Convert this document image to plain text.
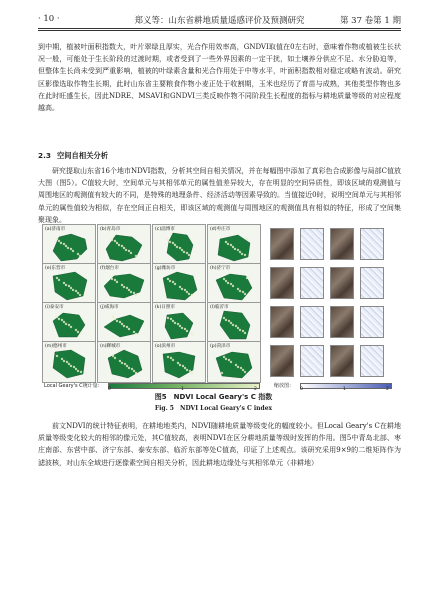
· 10 ·	郑义等：山东省耕地质量遥感评价及预测研究	第 37 卷第 1 期

到中期，植被叶面积指数大，叶片翠绿且厚实，光合作用效率高，GNDVI取值在0左右时，意味着作物或植被生长状况一般，可能处于生长阶段的过渡时期，或者受到了一些外界因素的一定干扰，如土壤养分供应不足、水分胁迫等，但整体生长尚未受到严重影响，植被的叶绿素含量和光合作用处于中等水平，叶面积指数相对稳定或略有波动。研究区影像选取作物生长期，此时山东省主要粮食作物小麦正处于收割期，玉米也经历了育苗与成熟，其他类型作物也多在此时旺盛生长，因此NDRE、MSAVI和GNDVI三类反映作物不同阶段生长程度的指标与耕地质量等级的对应程度越高。

2.3 空间自相关分析

研究提取山东省16个地市NDVI指数，分析其空间自相关情况，并在每幅图中添加了真彩色合成影像与局部C值放大图（图5）。C值较大时，空间单元与其相邻单元的属性值差异较大，存在明显的空间异质性，即该区域的观测值与周围地区的观测值有较大的不同，是特殊的地理条件、经济活动等因素导致的。当值接近0时，说明空间单元与其相邻单元的属性值较为相似，存在空间正自相关，即该区域的观测值与周围地区的观测值具有相似的特征，形成了空间集聚现象。

(a)济南市	(b)青岛市	(c)淄博市	(d)枣庄市
(e)东营市	(f)烟台市	(g)潍坊市	(h)济宁市
(i)泰安市	(j)威海市	(k)日照市	(l)临沂市
(m)德州市	(n)聊城市	(o)滨州市	(p)菏泽市
Local Geary's C统计量：
0	1	2
缩放图：
0	1	2
图5　NDVI Local Geary's C 指数
Fig. 5　NDVI Local Geary's C index

前文NDVI的统计特征表明，在耕地地类内，NDVI随耕地质量等级变化的幅度较小。但Local Geary's C在耕地质量等级变化较大的相邻的像元处，其C值较高，表明NDVI在区分耕地质量等级时发挥的作用。图5中青岛北部、枣庄南部、东营中部、济宁东部、泰安东部、临沂东部等处C值高，印证了上述观点。该研究采用9×9的二维矩阵作为滤波核，对山东全域进行逐像素空间自相关分析，因此耕地边缘处与其相邻单元（非耕地）
